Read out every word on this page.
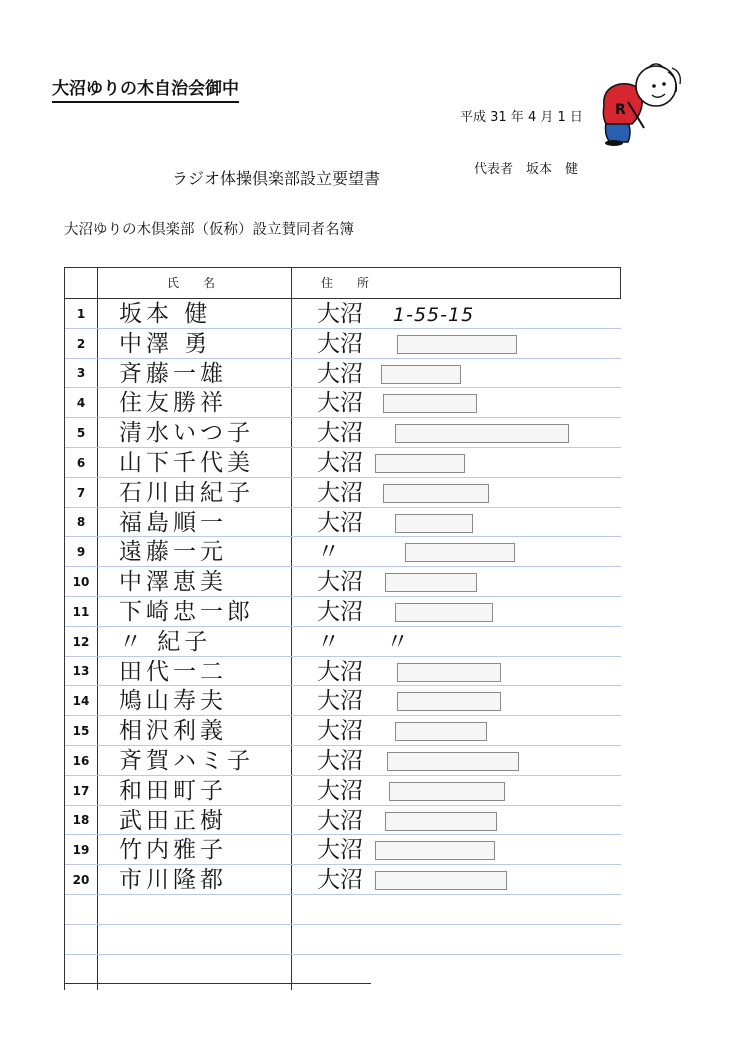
大沼ゆりの木自治会御中
平成 31 年 4 月 1 日
ラジオ体操倶楽部設立要望書	代表者　坂本　健
大沼ゆりの木倶楽部（仮称）設立賛同者名簿
R
氏　　名	住　　所
1	坂本 健	大沼 1-55-15
2	中澤 勇	大沼
3	斉藤一雄	大沼
4	住友勝祥	大沼
5	清水いつ子	大沼
6	山下千代美	大沼
7	石川由紀子	大沼
8	福島順一	大沼
9	遠藤一元	〃
10	中澤恵美	大沼
11	下崎忠一郎	大沼
12	〃 紀子	〃　　〃
13	田代一二	大沼
14	鳩山寿夫	大沼
15	相沢利義	大沼
16	斉賀ハミ子	大沼
17	和田町子	大沼
18	武田正樹	大沼
19	竹内雅子	大沼
20	市川隆都	大沼
